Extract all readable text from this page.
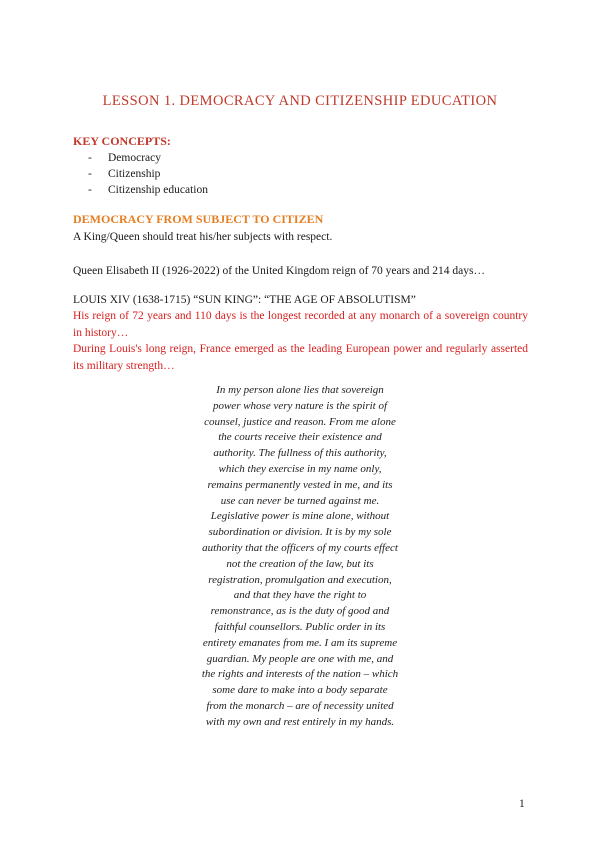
LESSON 1. DEMOCRACY AND CITIZENSHIP EDUCATION
KEY CONCEPTS:
- Democracy
- Citizenship
- Citizenship education
DEMOCRACY FROM SUBJECT TO CITIZEN
A King/Queen should treat his/her subjects with respect.
Queen Elisabeth II (1926-2022) of the United Kingdom reign of 70 years and 214 days…
LOUIS XIV (1638-1715) “SUN KING”: “THE AGE OF ABSOLUTISM”
His reign of 72 years and 110 days is the longest recorded at any monarch of a sovereign country in history…
During Louis's long reign, France emerged as the leading European power and regularly asserted its military strength…
In my person alone lies that sovereign
power whose very nature is the spirit of
counsel, justice and reason. From me alone
the courts receive their existence and
authority. The fullness of this authority,
which they exercise in my name only,
remains permanently vested in me, and its
use can never be turned against me.
Legislative power is mine alone, without
subordination or division. It is by my sole
authority that the officers of my courts effect
not the creation of the law, but its
registration, promulgation and execution,
and that they have the right to
remonstrance, as is the duty of good and
faithful counsellors. Public order in its
entirety emanates from me. I am its supreme
guardian. My people are one with me, and
the rights and interests of the nation – which
some dare to make into a body separate
from the monarch – are of necessity united
with my own and rest entirely in my hands.
1
